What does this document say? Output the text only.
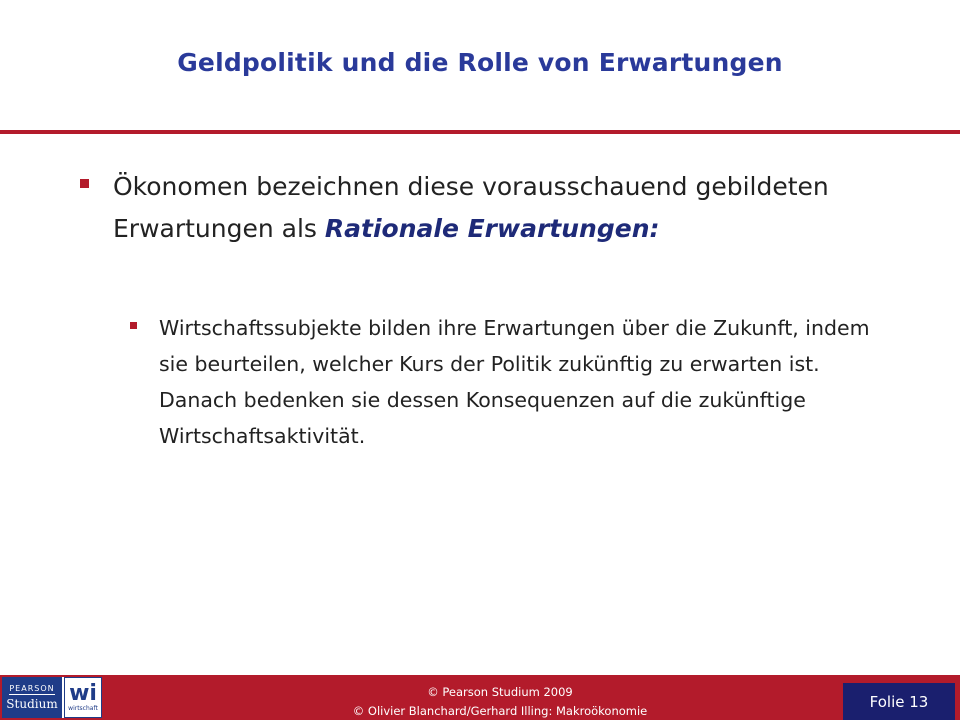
Geldpolitik und die Rolle von Erwartungen
Ökonomen bezeichnen diese vorausschauend gebildeten Erwartungen als Rationale Erwartungen:
Wirtschaftssubjekte bilden ihre Erwartungen über die Zukunft, indem sie beurteilen, welcher Kurs der Politik zukünftig zu erwarten ist. Danach bedenken sie dessen Konsequenzen auf die zukünftige Wirtschaftsaktivität.
PEARSON
Studium wi
wirtschaft
© Pearson Studium 2009
© Olivier Blanchard/Gerhard Illing: Makroökonomie
Folie 13
